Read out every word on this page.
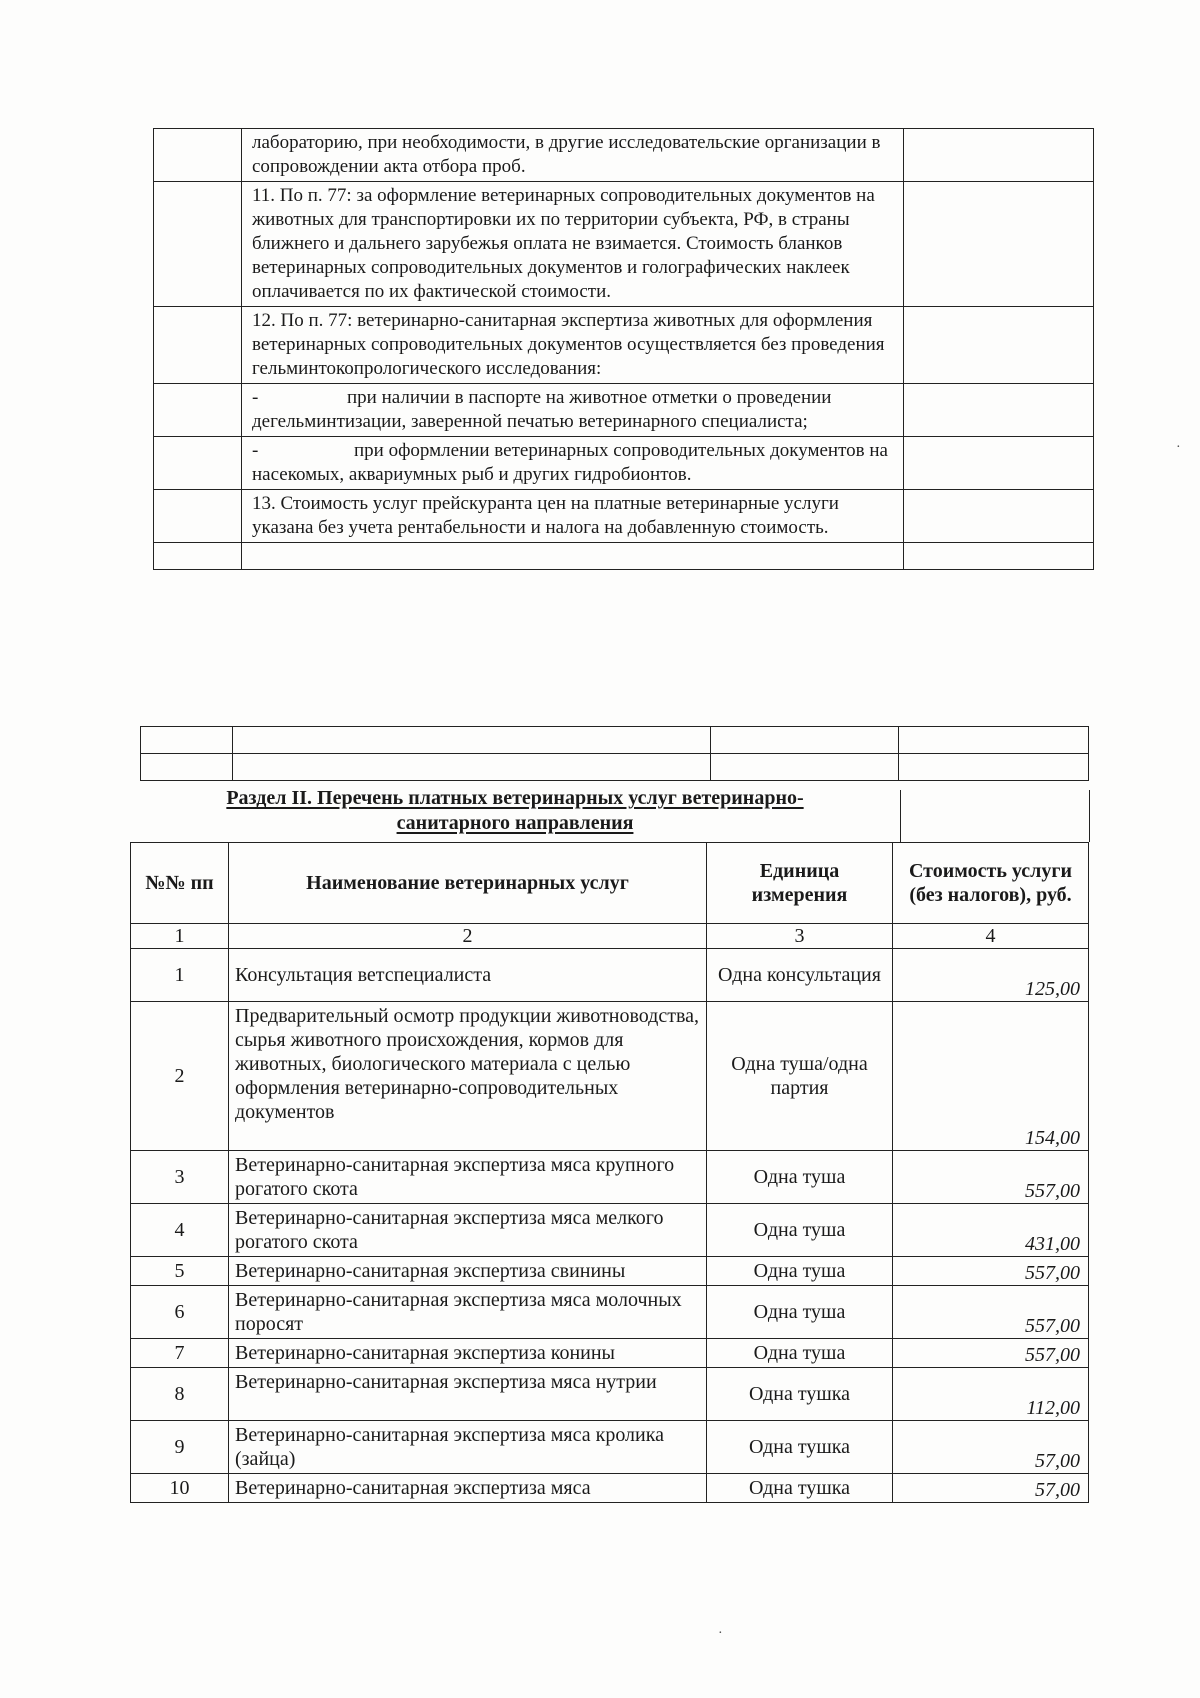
	лабораторию, при необходимости, в другие исследовательские организации в сопровождении акта отбора проб.	
	11. По п. 77: за оформление ветеринарных сопроводительных документов на животных для транспортировки их по территории субъекта, РФ, в страны ближнего и дальнего зарубежья оплата не взимается. Стоимость бланков ветеринарных сопроводительных документов и голографических наклеек оплачивается по их фактической стоимости.	
	12. По п. 77: ветеринарно-санитарная экспертиза животных для оформления ветеринарных сопроводительных документов осуществляется без проведения гельминтокопрологического исследования:	
	- при наличии в паспорте на животное отметки о проведении дегельминтизации, заверенной печатью ветеринарного специалиста;	
	- при оформлении ветеринарных сопроводительных документов на насекомых, аквариумных рыб и других гидробионтов.	
	13. Стоимость услуг прейскуранта цен на платные ветеринарные услуги указана без учета рентабельности и налога на добавленную стоимость.	

Раздел II. Перечень платных ветеринарных услуг ветеринарно-
санитарного направления
№№ пп	Наименование ветеринарных услуг	Единица измерения	Стоимость услуги (без налогов), руб.
1	2	3	4
1	Консультация ветспециалиста	Одна консультация	125,00
2	Предварительный осмотр продукции животноводства, сырья животного происхождения, кормов для животных, биологического материала с целью оформления ветеринарно-сопроводительных документов	Одна туша/одна партия	154,00
3	Ветеринарно-санитарная экспертиза мяса крупного рогатого скота	Одна туша	557,00
4	Ветеринарно-санитарная экспертиза мяса мелкого рогатого скота	Одна туша	431,00
5	Ветеринарно-санитарная экспертиза свинины	Одна туша	557,00
6	Ветеринарно-санитарная экспертиза мяса молочных поросят	Одна туша	557,00
7	Ветеринарно-санитарная экспертиза конины	Одна туша	557,00
8	Ветеринарно-санитарная экспертиза мяса нутрии	Одна тушка	112,00
9	Ветеринарно-санитарная экспертиза мяса кролика (зайца)	Одна тушка	57,00
10	Ветеринарно-санитарная экспертиза мяса	Одна тушка	57,00
·
·
